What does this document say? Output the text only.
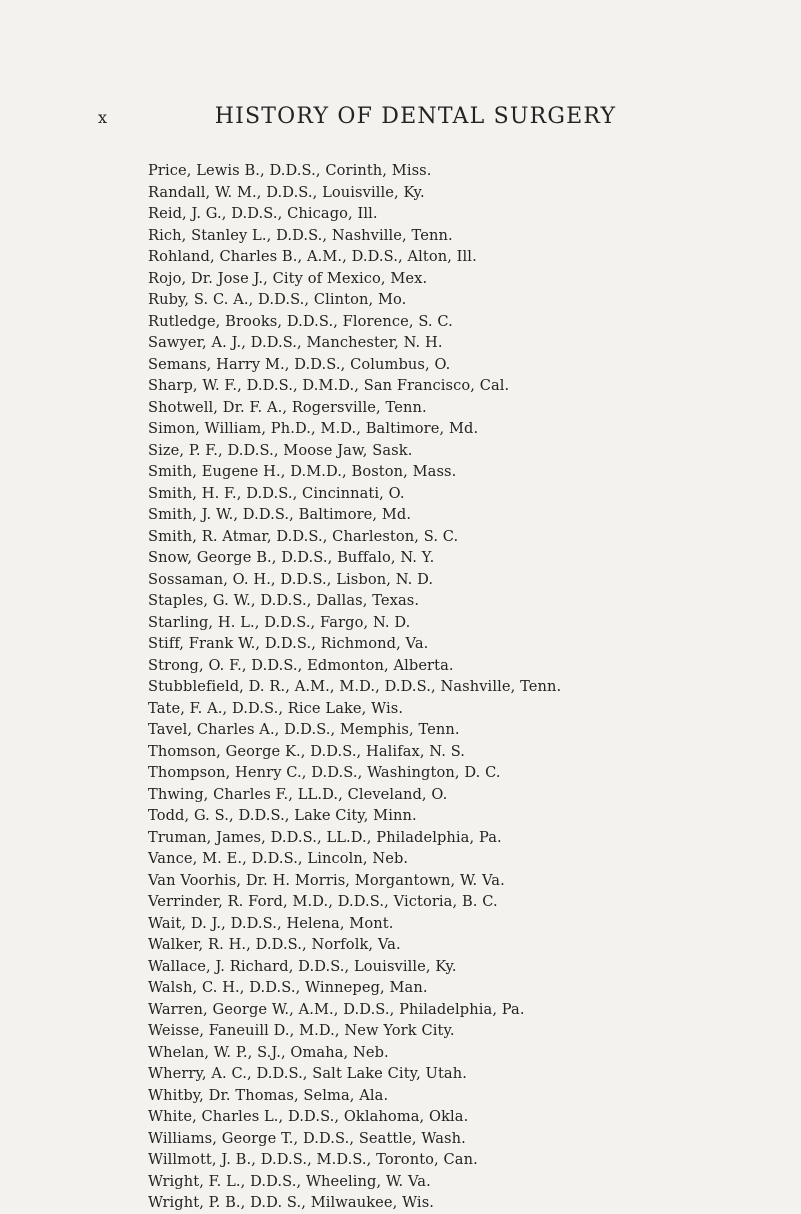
x	HISTORY OF DENTAL SURGERY
Price, Lewis B., D.D.S., Corinth, Miss.
Randall, W. M., D.D.S., Louisville, Ky.
Reid, J. G., D.D.S., Chicago, Ill.
Rich, Stanley L., D.D.S., Nashville, Tenn.
Rohland, Charles B., A.M., D.D.S., Alton, Ill.
Rojo, Dr. Jose J., City of Mexico, Mex.
Ruby, S. C. A., D.D.S., Clinton, Mo.
Rutledge, Brooks, D.D.S., Florence, S. C.
Sawyer, A. J., D.D.S., Manchester, N. H.
Semans, Harry M., D.D.S., Columbus, O.
Sharp, W. F., D.D.S., D.M.D., San Francisco, Cal.
Shotwell, Dr. F. A., Rogersville, Tenn.
Simon, William, Ph.D., M.D., Baltimore, Md.
Size, P. F., D.D.S., Moose Jaw, Sask.
Smith, Eugene H., D.M.D., Boston, Mass.
Smith, H. F., D.D.S., Cincinnati, O.
Smith, J. W., D.D.S., Baltimore, Md.
Smith, R. Atmar, D.D.S., Charleston, S. C.
Snow, George B., D.D.S., Buffalo, N. Y.
Sossaman, O. H., D.D.S., Lisbon, N. D.
Staples, G. W., D.D.S., Dallas, Texas.
Starling, H. L., D.D.S., Fargo, N. D.
Stiff, Frank W., D.D.S., Richmond, Va.
Strong, O. F., D.D.S., Edmonton, Alberta.
Stubblefield, D. R., A.M., M.D., D.D.S., Nashville, Tenn.
Tate, F. A., D.D.S., Rice Lake, Wis.
Tavel, Charles A., D.D.S., Memphis, Tenn.
Thomson, George K., D.D.S., Halifax, N. S.
Thompson, Henry C., D.D.S., Washington, D. C.
Thwing, Charles F., LL.D., Cleveland, O.
Todd, G. S., D.D.S., Lake City, Minn.
Truman, James, D.D.S., LL.D., Philadelphia, Pa.
Vance, M. E., D.D.S., Lincoln, Neb.
Van Voorhis, Dr. H. Morris, Morgantown, W. Va.
Verrinder, R. Ford, M.D., D.D.S., Victoria, B. C.
Wait, D. J., D.D.S., Helena, Mont.
Walker, R. H., D.D.S., Norfolk, Va.
Wallace, J. Richard, D.D.S., Louisville, Ky.
Walsh, C. H., D.D.S., Winnepeg, Man.
Warren, George W., A.M., D.D.S., Philadelphia, Pa.
Weisse, Faneuill D., M.D., New York City.
Whelan, W. P., S.J., Omaha, Neb.
Wherry, A. C., D.D.S., Salt Lake City, Utah.
Whitby, Dr. Thomas, Selma, Ala.
White, Charles L., D.D.S., Oklahoma, Okla.
Williams, George T., D.D.S., Seattle, Wash.
Willmott, J. B., D.D.S., M.D.S., Toronto, Can.
Wright, F. L., D.D.S., Wheeling, W. Va.
Wright, P. B., D.D. S., Milwaukee, Wis.
